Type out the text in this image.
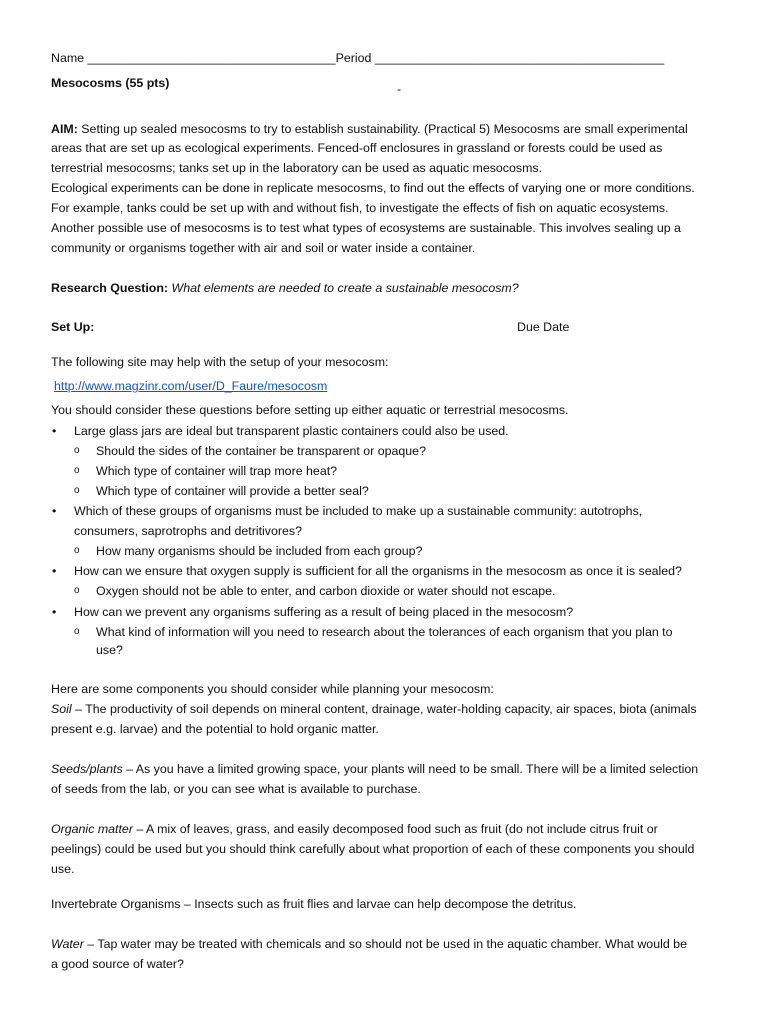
Name ____________________________________Period __________________________________________
Mesocosms (55 pts)	-
AIM: Setting up sealed mesocosms to try to establish sustainability. (Practical 5) Mesocosms are small experimental
areas that are set up as ecological experiments. Fenced-off enclosures in grassland or forests could be used as
terrestrial mesocosms; tanks set up in the laboratory can be used as aquatic mesocosms.
Ecological experiments can be done in replicate mesocosms, to find out the effects of varying one or more conditions.
For example, tanks could be set up with and without fish, to investigate the effects of fish on aquatic ecosystems.
Another possible use of mesocosms is to test what types of ecosystems are sustainable. This involves sealing up a
community or organisms together with air and soil or water inside a container.
Research Question: What elements are needed to create a sustainable mesocosm?
Set Up:	Due Date
The following site may help with the setup of your mesocosm:
http://www.magzinr.com/user/D_Faure/mesocosm
You should consider these questions before setting up either aquatic or terrestrial mesocosms.
• Large glass jars are ideal but transparent plastic containers could also be used.
o Should the sides of the container be transparent or opaque?
o Which type of container will trap more heat?
o Which type of container will provide a better seal?
• Which of these groups of organisms must be included to make up a sustainable community: autotrophs,
consumers, saprotrophs and detritivores?
o How many organisms should be included from each group?
• How can we ensure that oxygen supply is sufficient for all the organisms in the mesocosm as once it is sealed?
o Oxygen should not be able to enter, and carbon dioxide or water should not escape.
• How can we prevent any organisms suffering as a result of being placed in the mesocosm?
o What kind of information will you need to research about the tolerances of each organism that you plan to
use?
Here are some components you should consider while planning your mesocosm:
Soil – The productivity of soil depends on mineral content, drainage, water-holding capacity, air spaces, biota (animals
present e.g. larvae) and the potential to hold organic matter.
Seeds/plants – As you have a limited growing space, your plants will need to be small. There will be a limited selection
of seeds from the lab, or you can see what is available to purchase.
Organic matter – A mix of leaves, grass, and easily decomposed food such as fruit (do not include citrus fruit or
peelings) could be used but you should think carefully about what proportion of each of these components you should
use.
Invertebrate Organisms – Insects such as fruit flies and larvae can help decompose the detritus.
Water – Tap water may be treated with chemicals and so should not be used in the aquatic chamber. What would be
a good source of water?
